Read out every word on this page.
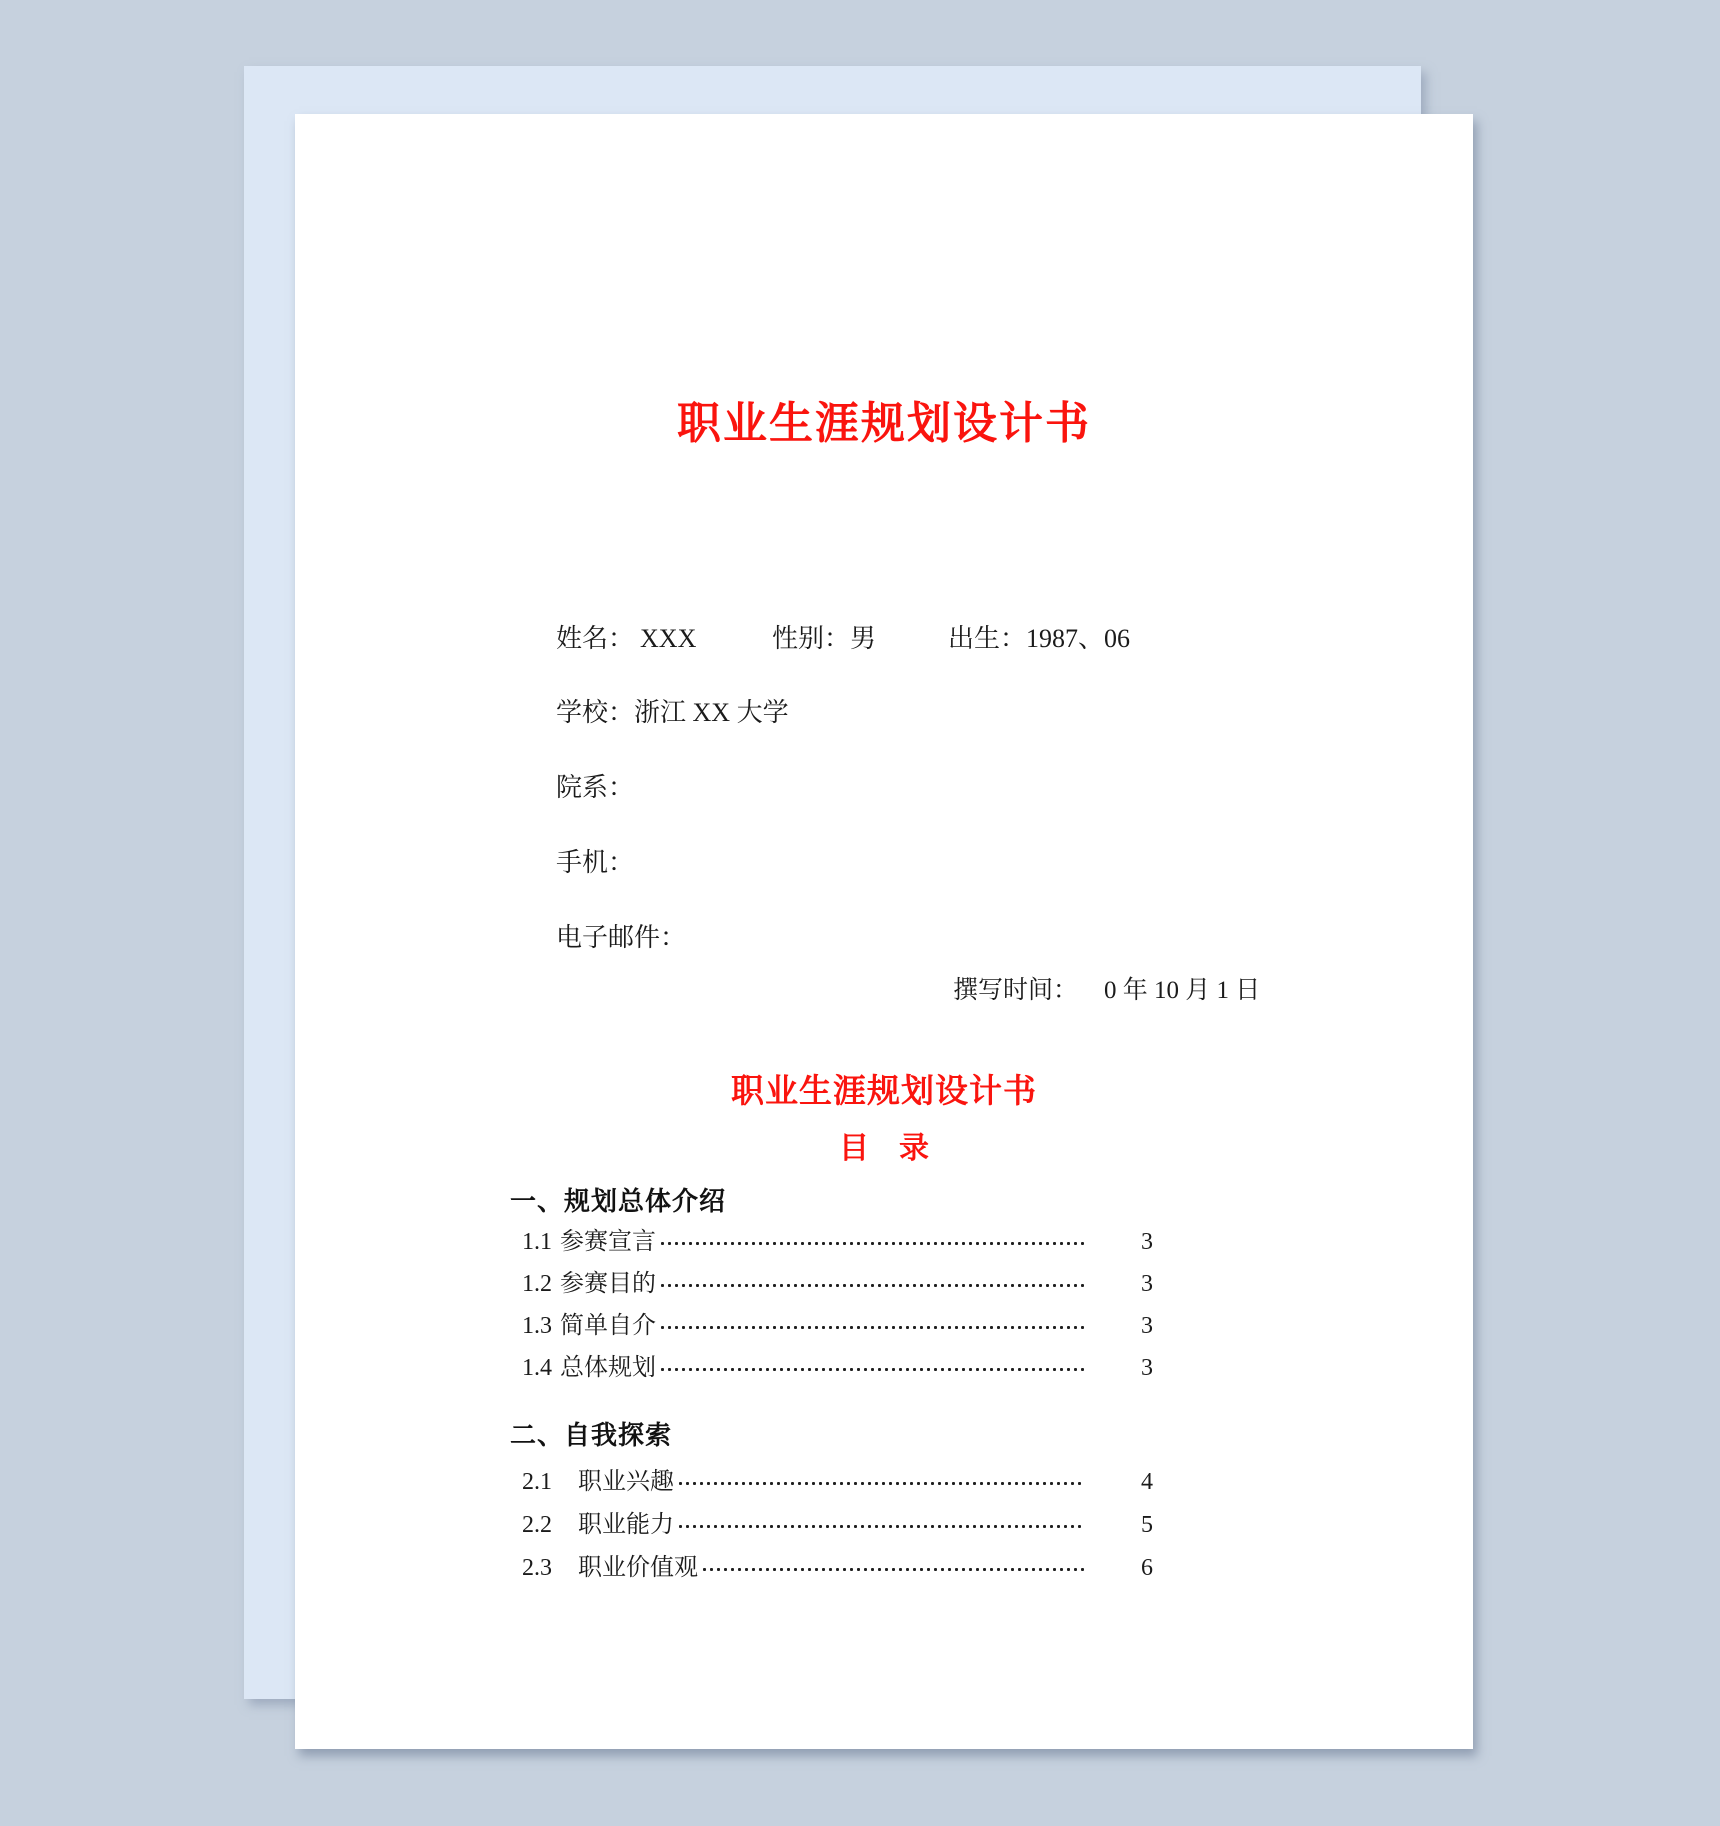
职业生涯规划设计书
姓名： XXX	性别：男	出生：1987、06
学校：浙江 XX 大学
院系：
手机：
电子邮件：
撰写时间： 0 年 10 月 1 日
职业生涯规划设计书
目　录
一、规划总体介绍
1.1 参赛宣言	3
1.2 参赛目的	3
1.3 简单自介	3
1.4 总体规划	3
二、自我探索
2.1 职业兴趣	4
2.2 职业能力	5
2.3 职业价值观	6
